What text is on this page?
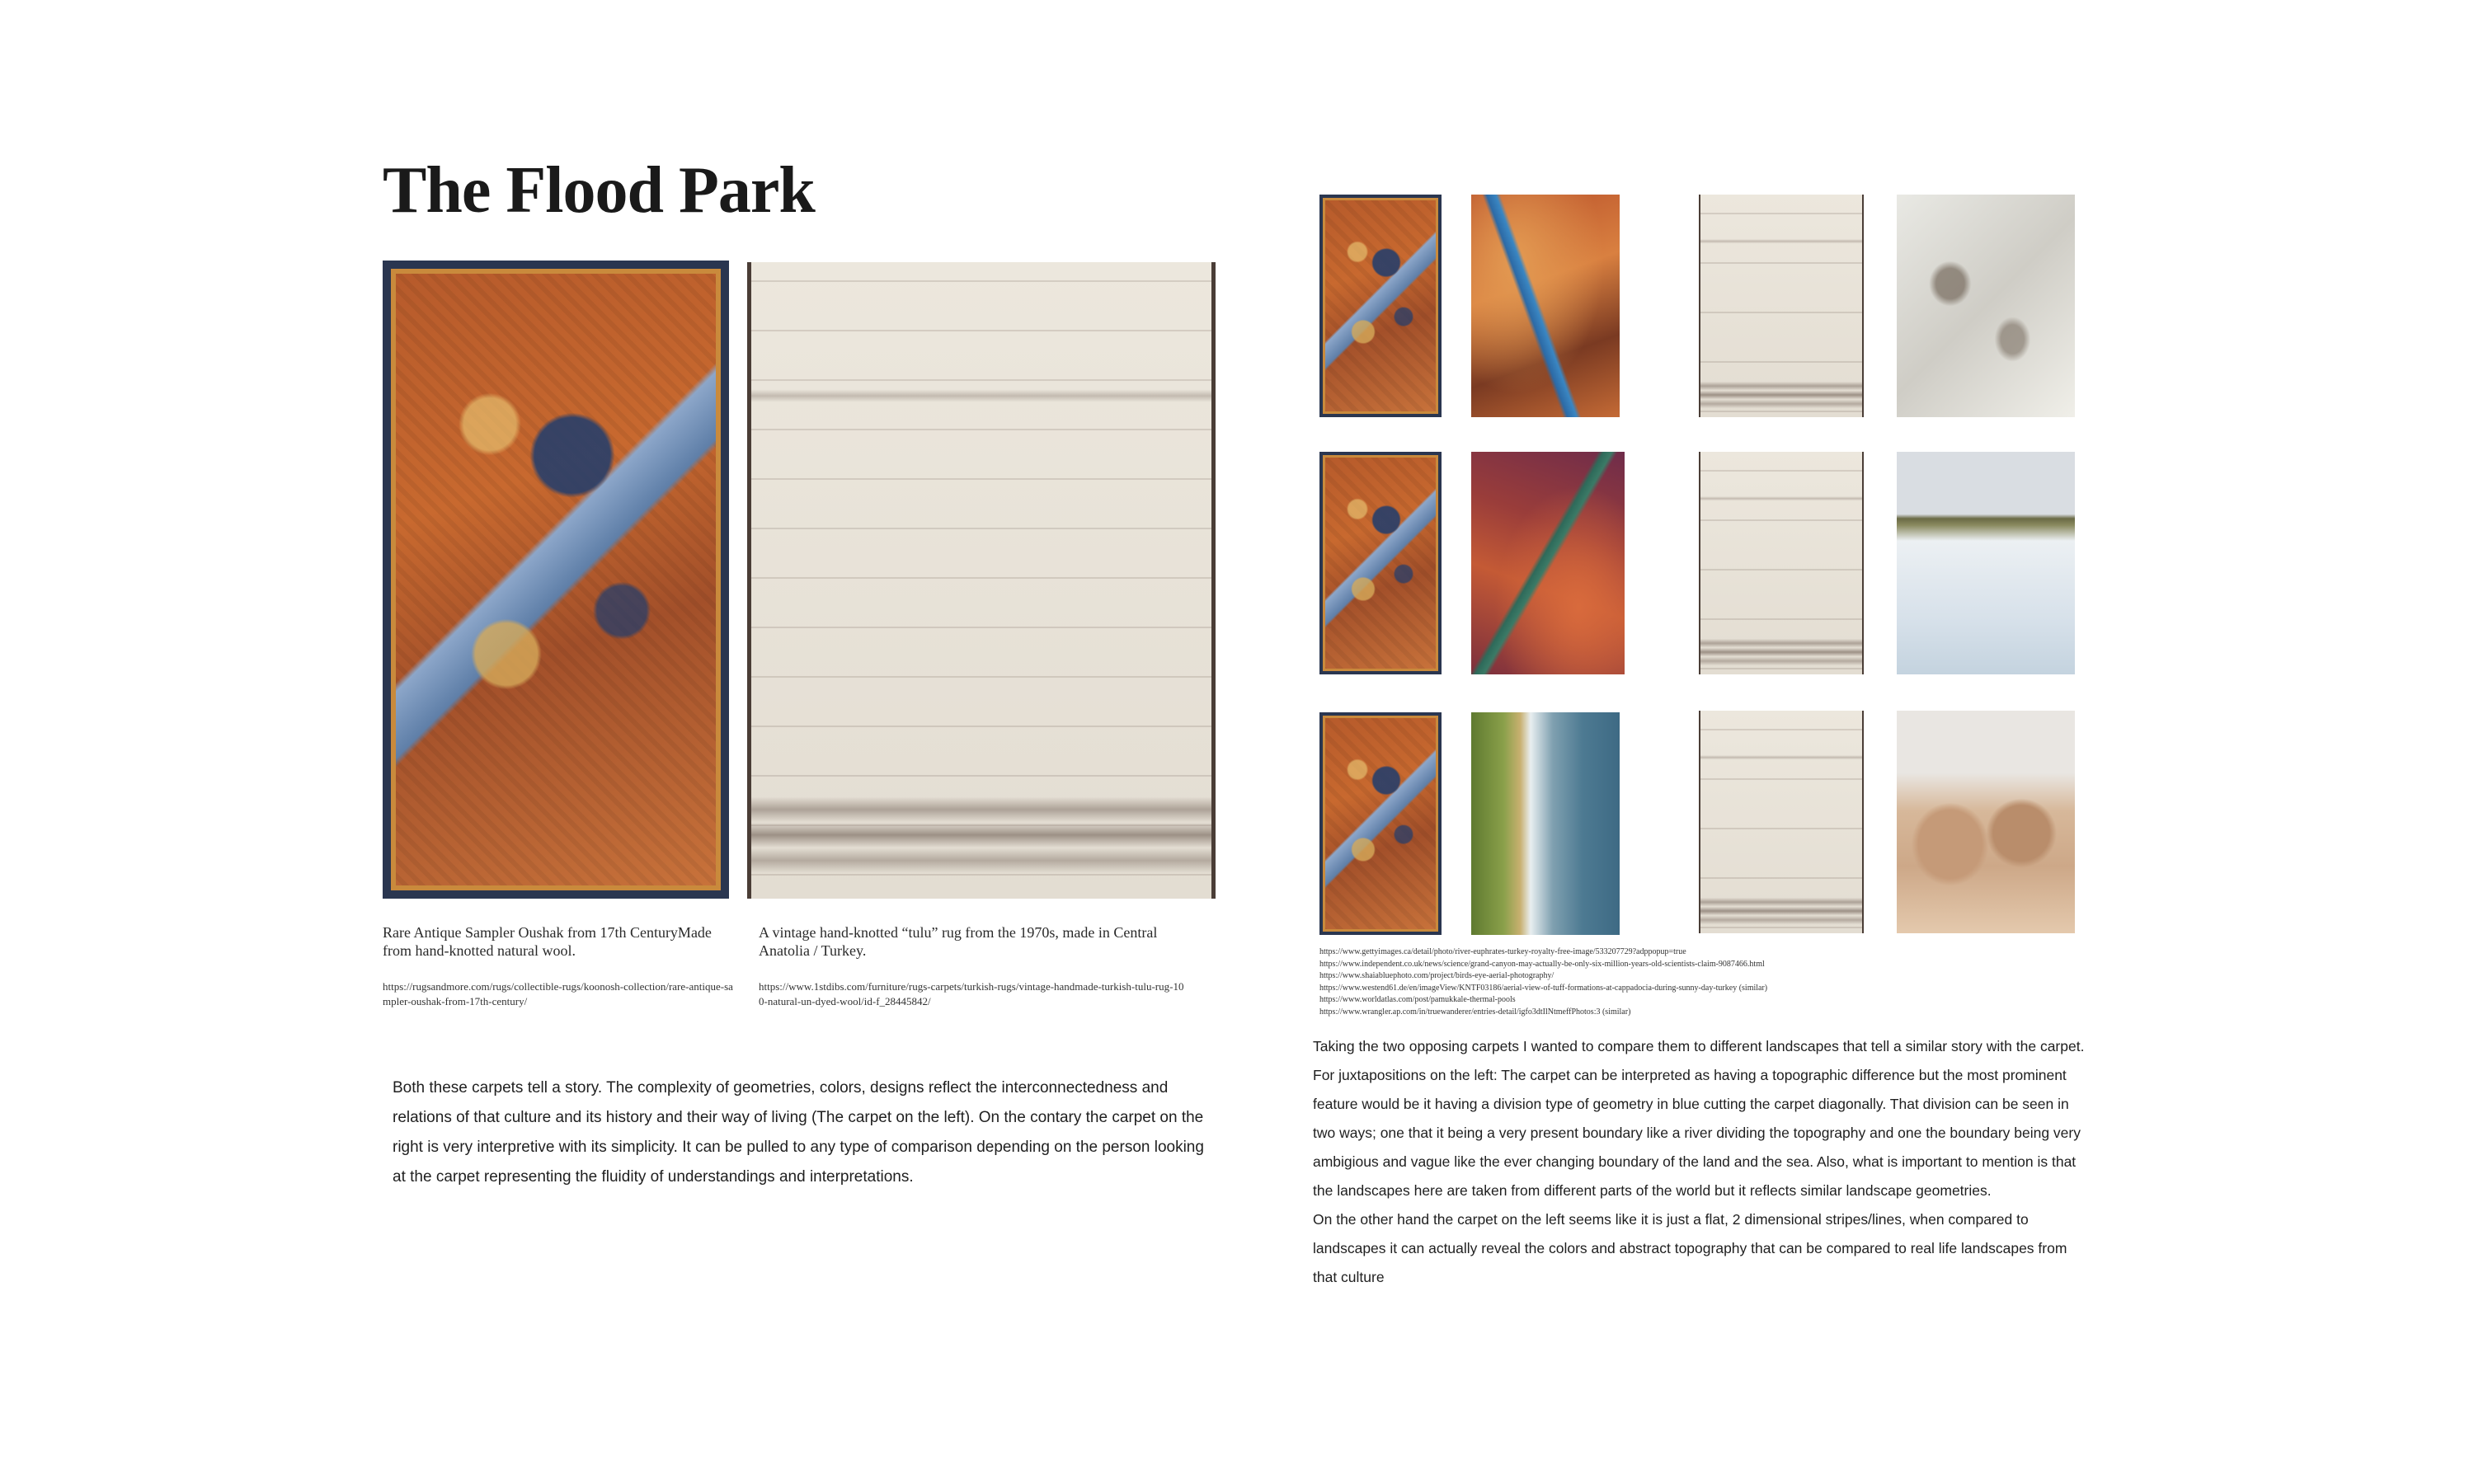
The Flood Park
Rare Antique Sampler Oushak from 17th CenturyMade from hand-knotted natural wool.
https://rugsandmore.com/rugs/collectible-rugs/koonosh-collection/rare-antique-sampler-oushak-from-17th-century/
A vintage hand-knotted “tulu” rug from the 1970s, made in Central Anatolia / Turkey.
https://www.1stdibs.com/furniture/rugs-carpets/turkish-rugs/vintage-handmade-turkish-tulu-rug-100-natural-un-dyed-wool/id-f_28445842/
Both these carpets tell a story. The complexity of geometries, colors, designs reflect the interconnectedness and relations of that culture and its history and their way of living (The carpet on the left). On the contary the carpet on the right is very interpretive with its simplicity. It can be pulled to any type of comparison depending on the person looking at the carpet representing the fluidity of understandings and interpretations.
https://www.gettyimages.ca/detail/photo/river-euphrates-turkey-royalty-free-image/533207729?adppopup=true
https://www.independent.co.uk/news/science/grand-canyon-may-actually-be-only-six-million-years-old-scientists-claim-9087466.html
https://www.shaiabluephoto.com/project/birds-eye-aerial-photography/
https://www.westend61.de/en/imageView/KNTF03186/aerial-view-of-tuff-formations-at-cappadocia-during-sunny-day-turkey (similar)
https://www.worldatlas.com/post/pamukkale-thermal-pools
https://www.wrangler.ap.com/in/truewanderer/entries-detail/igfo3dtIlNtmeffPhotos:3 (similar)
Taking the two opposing carpets I wanted to compare them to different landscapes that tell a similar story with the carpet. For juxtapositions on the left: The carpet can be interpreted as having a topographic difference but the most prominent feature would be it having a division type of geometry in blue cutting the carpet diagonally. That division can be seen in two ways; one that it being a very present boundary like a river dividing the topography and one the boundary being very ambigious and vague like the ever changing boundary of the land and the sea. Also, what is important to mention is that the landscapes here are taken from different parts of the world but it reflects similar landscape geometries.
On the other hand the carpet on the left seems like it is just a flat, 2 dimensional stripes/lines, when compared to landscapes it can actually reveal the colors and abstract topography that can be compared to real life landscapes from that culture
